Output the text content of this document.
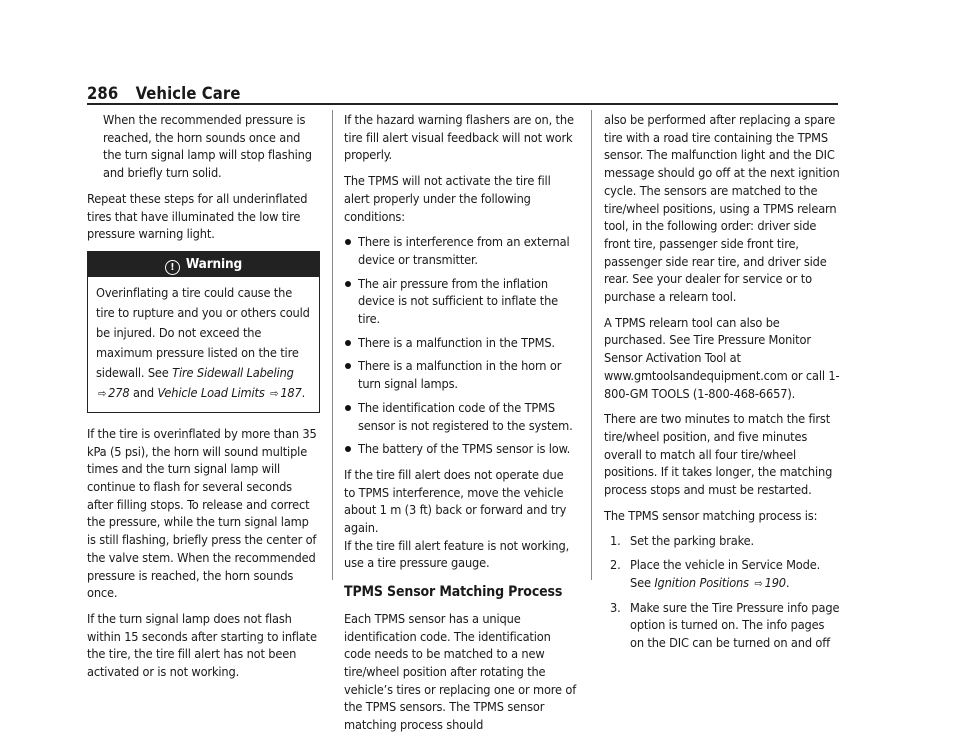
286 Vehicle Care

When the recommended pressure is reached, the horn sounds once and the turn signal lamp will stop flashing and briefly turn solid.

Repeat these steps for all underinflated tires that have illuminated the low tire pressure warning light.

! Warning
Overinflating a tire could cause the tire to rupture and you or others could be injured. Do not exceed the maximum pressure listed on the tire sidewall. See Tire Sidewall Labeling ⇨ 278 and Vehicle Load Limits ⇨ 187.

If the tire is overinflated by more than 35 kPa (5 psi), the horn will sound multiple times and the turn signal lamp will continue to flash for several seconds after filling stops. To release and correct the pressure, while the turn signal lamp is still flashing, briefly press the center of the valve stem. When the recommended pressure is reached, the horn sounds once.

If the turn signal lamp does not flash within 15 seconds after starting to inflate the tire, the tire fill alert has not been activated or is not working.

If the hazard warning flashers are on, the tire fill alert visual feedback will not work properly.

The TPMS will not activate the tire fill alert properly under the following conditions:

There is interference from an external device or transmitter.
The air pressure from the inflation device is not sufficient to inflate the tire.
There is a malfunction in the TPMS.
There is a malfunction in the horn or turn signal lamps.
The identification code of the TPMS sensor is not registered to the system.
The battery of the TPMS sensor is low.

If the tire fill alert does not operate due to TPMS interference, move the vehicle about 1 m (3 ft) back or forward and try again.

If the tire fill alert feature is not working, use a tire pressure gauge.

TPMS Sensor Matching Process

Each TPMS sensor has a unique identification code. The identification code needs to be matched to a new tire/wheel position after rotating the vehicle’s tires or replacing one or more of the TPMS sensors. The TPMS sensor matching process should

also be performed after replacing a spare tire with a road tire containing the TPMS sensor. The malfunction light and the DIC message should go off at the next ignition cycle. The sensors are matched to the tire/wheel positions, using a TPMS relearn tool, in the following order: driver side front tire, passenger side front tire, passenger side rear tire, and driver side rear. See your dealer for service or to purchase a relearn tool.

A TPMS relearn tool can also be purchased. See Tire Pressure Monitor Sensor Activation Tool at www.gmtoolsandequipment.com or call 1-800-GM TOOLS (1-800-468-6657).

There are two minutes to match the first tire/wheel position, and five minutes overall to match all four tire/wheel positions. If it takes longer, the matching process stops and must be restarted.

The TPMS sensor matching process is:

1. Set the parking brake.
2. Place the vehicle in Service Mode. See Ignition Positions ⇨ 190.
3. Make sure the Tire Pressure info page option is turned on. The info pages on the DIC can be turned on and off
